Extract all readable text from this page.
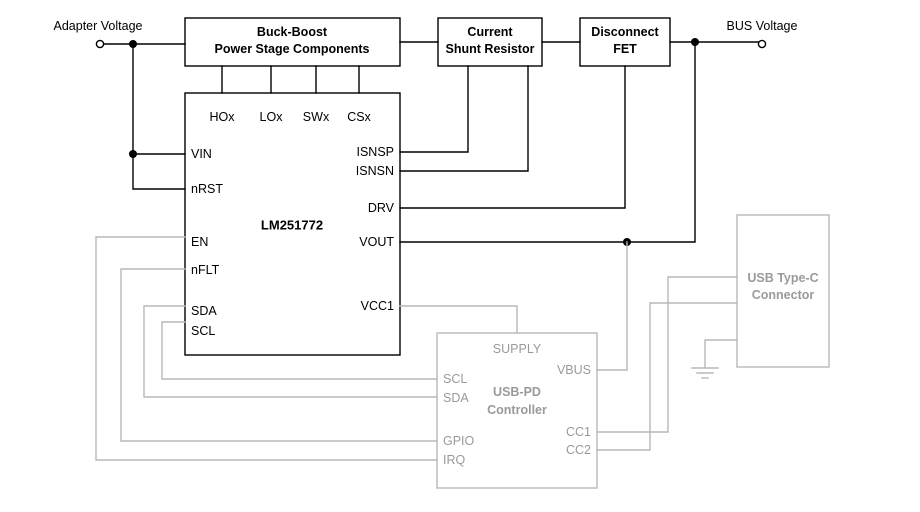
Adapter Voltage	BUS Voltage
Buck-Boost
Power Stage Components
Current
Shunt Resistor
Disconnect
FET
LM251772
HOx LOx SWx CSx
VIN
nRST
EN
nFLT
SDA
SCL
ISNSP
ISNSN
DRV
VOUT
VCC1
USB-PD
Controller
SUPPLY
SCL
SDA
GPIO
IRQ
VBUS
CC1
CC2
USB Type-C
Connector
